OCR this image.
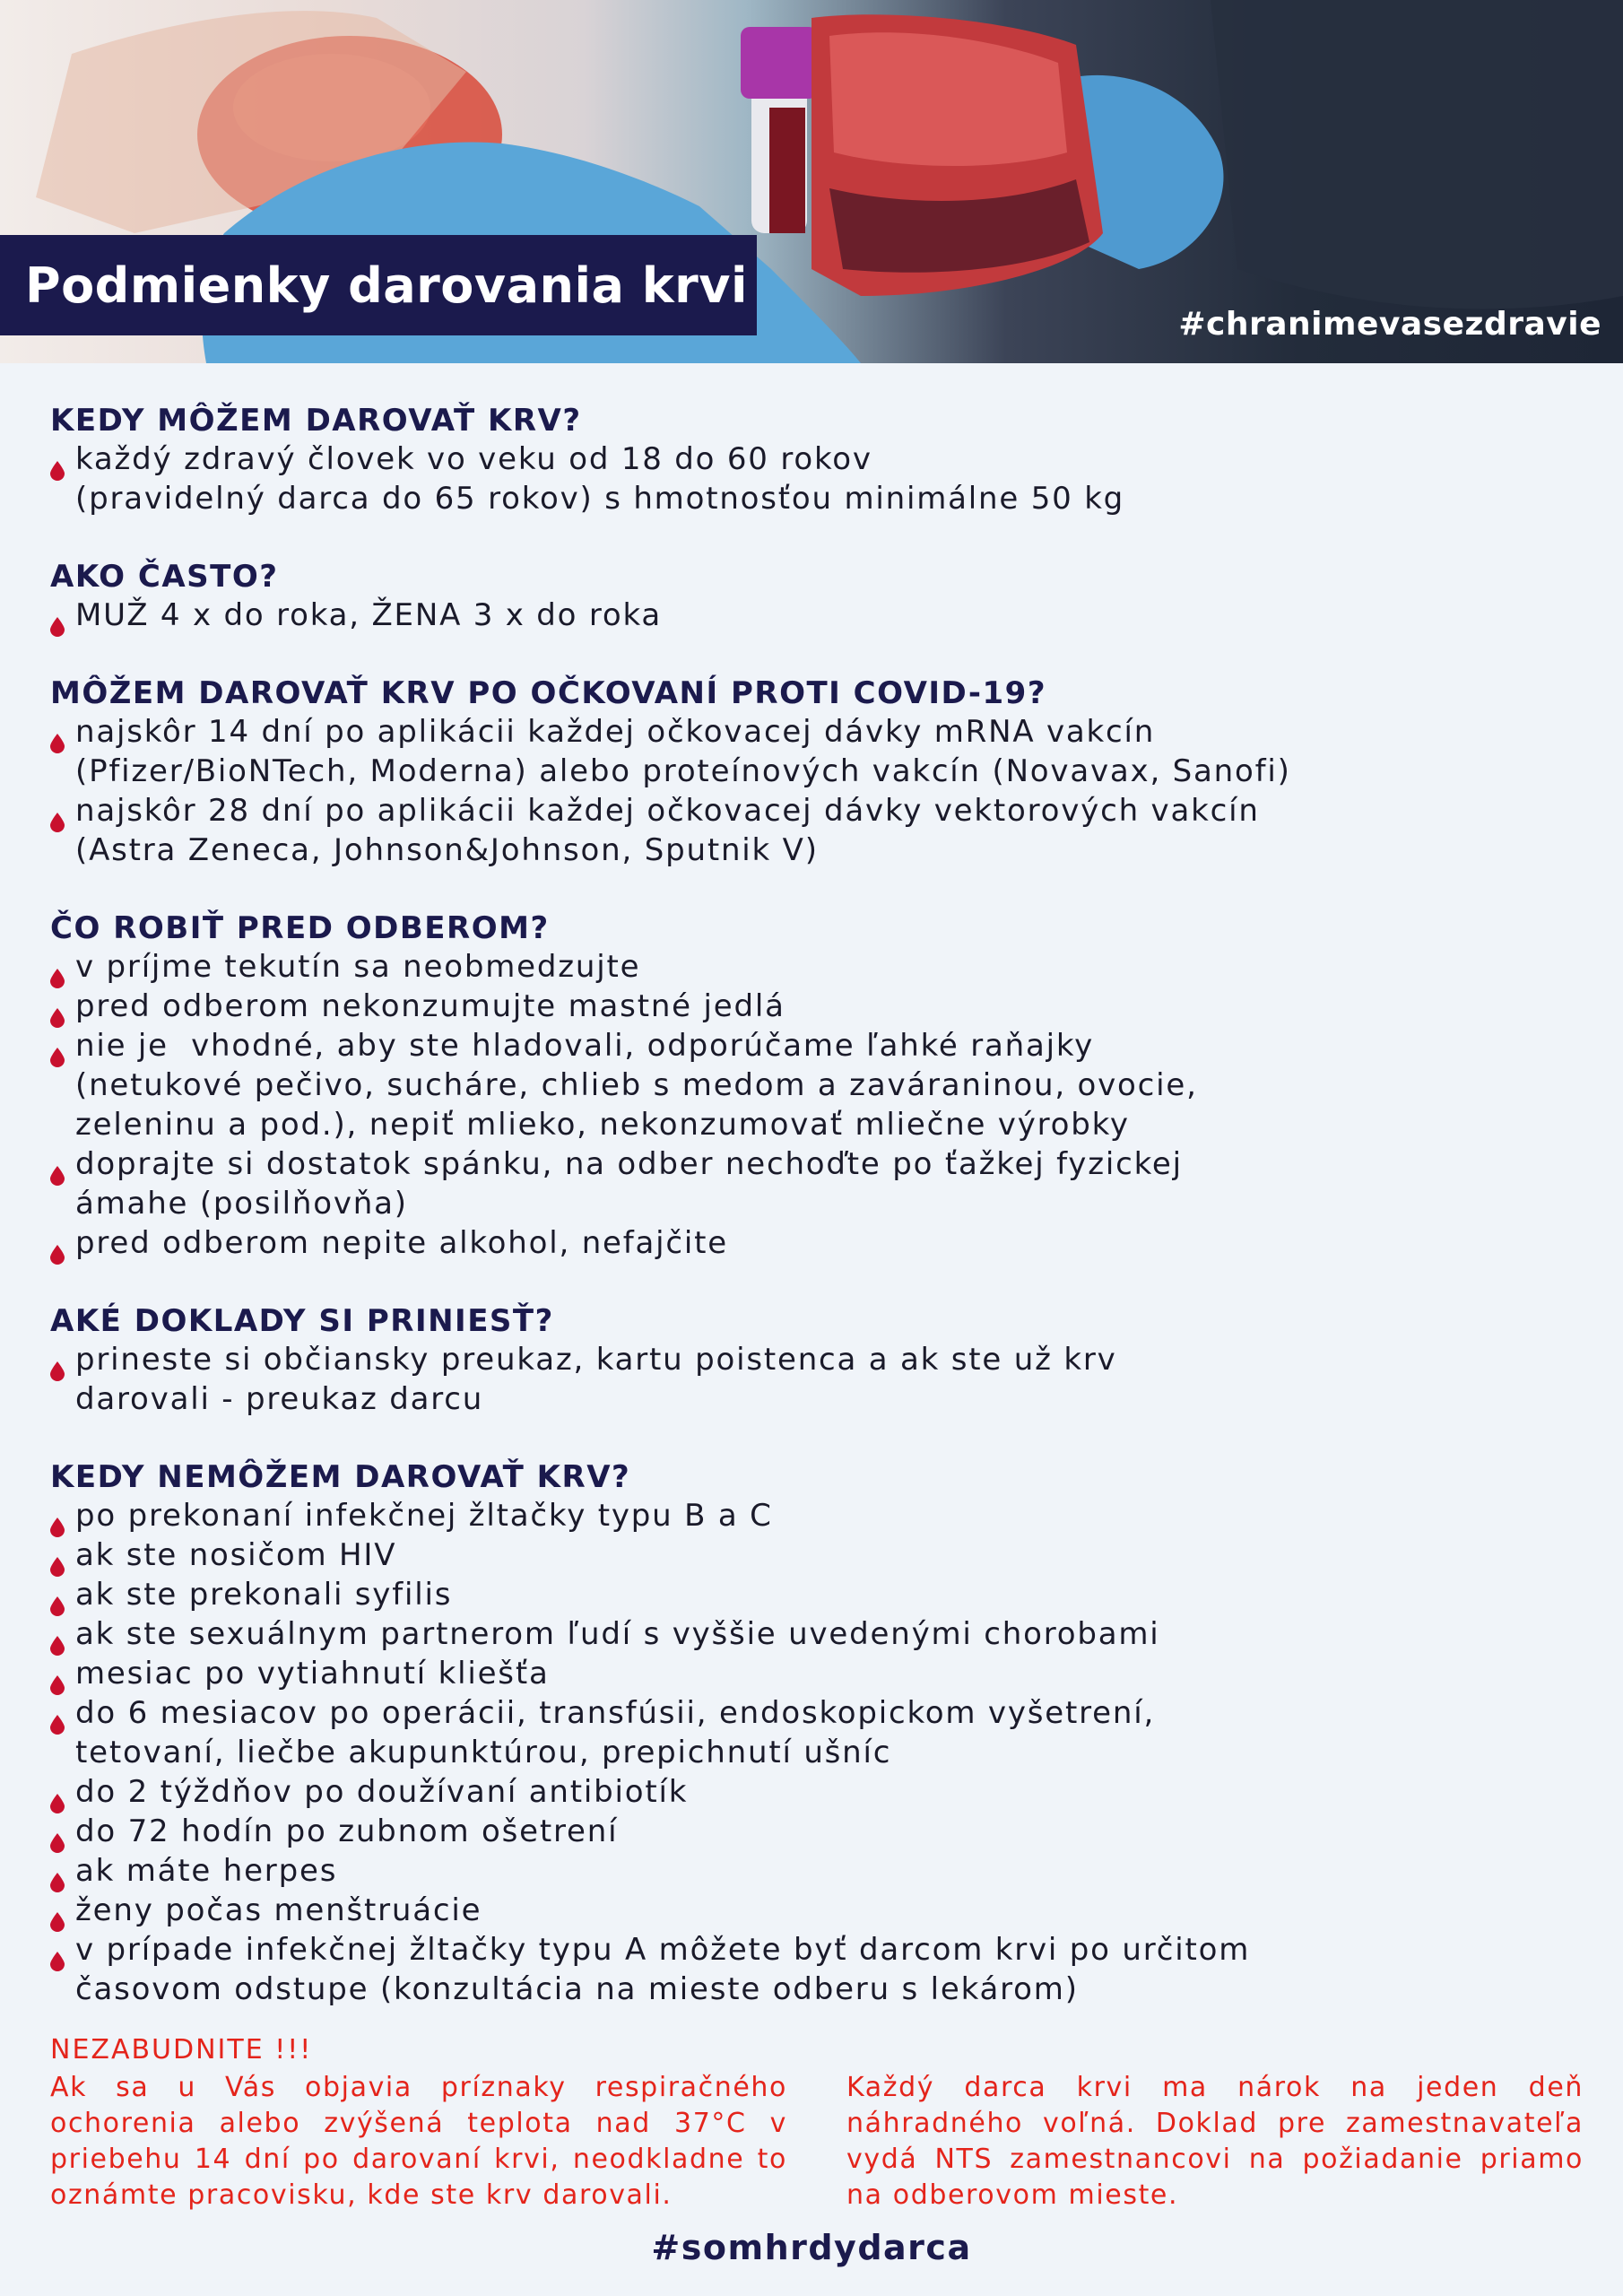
Podmienky darovania krvi
#chranimevasezdravie
KEDY MÔŽEM DAROVAŤ KRV?
každý zdravý človek vo veku od 18 do 60 rokov
(pravidelný darca do 65 rokov) s hmotnosťou minimálne 50 kg
AKO ČASTO?
MUŽ 4 x do roka, ŽENA 3 x do roka
MÔŽEM DAROVAŤ KRV PO OČKOVANÍ PROTI COVID-19?
najskôr 14 dní po aplikácii každej očkovacej dávky mRNA vakcín
(Pfizer/BioNTech, Moderna) alebo proteínových vakcín (Novavax, Sanofi)
najskôr 28 dní po aplikácii každej očkovacej dávky vektorových vakcín
(Astra Zeneca, Johnson&Johnson, Sputnik V)
ČO ROBIŤ PRED ODBEROM?
v príjme tekutín sa neobmedzujte
pred odberom nekonzumujte mastné jedlá
nie je  vhodné, aby ste hladovali, odporúčame ľahké raňajky
(netukové pečivo, sucháre, chlieb s medom a zaváraninou, ovocie,
zeleninu a pod.), nepiť mlieko, nekonzumovať mliečne výrobky
doprajte si dostatok spánku, na odber nechoďte po ťažkej fyzickej
ámahe (posilňovňa)
pred odberom nepite alkohol, nefajčite
AKÉ DOKLADY SI PRINIESŤ?
prineste si občiansky preukaz, kartu poistenca a ak ste už krv
darovali - preukaz darcu
KEDY NEMÔŽEM DAROVAŤ KRV?
po prekonaní infekčnej žltačky typu B a C
ak ste nosičom HIV
ak ste prekonali syfilis
ak ste sexuálnym partnerom ľudí s vyššie uvedenými chorobami
mesiac po vytiahnutí kliešťa
do 6 mesiacov po operácii, transfúsii, endoskopickom vyšetrení,
tetovaní, liečbe akupunktúrou, prepichnutí ušníc
do 2 týždňov po doužívaní antibiotík
do 72 hodín po zubnom ošetrení
ak máte herpes
ženy počas menštruácie
v prípade infekčnej žltačky typu A môžete byť darcom krvi po určitom
časovom odstupe (konzultácia na mieste odberu s lekárom)
NEZABUDNITE !!!
Ak sa u Vás objavia príznaky respiračného ochorenia alebo zvýšená teplota nad 37°C v priebehu 14 dní po darovaní krvi, neodkladne to oznámte pracovisku, kde ste krv darovali.
Každý darca krvi ma nárok na jeden deň náhradného voľná. Doklad pre zamestnavateľa vydá NTS zamestnancovi na požiadanie priamo na odberovom mieste.
#somhrdydarca
